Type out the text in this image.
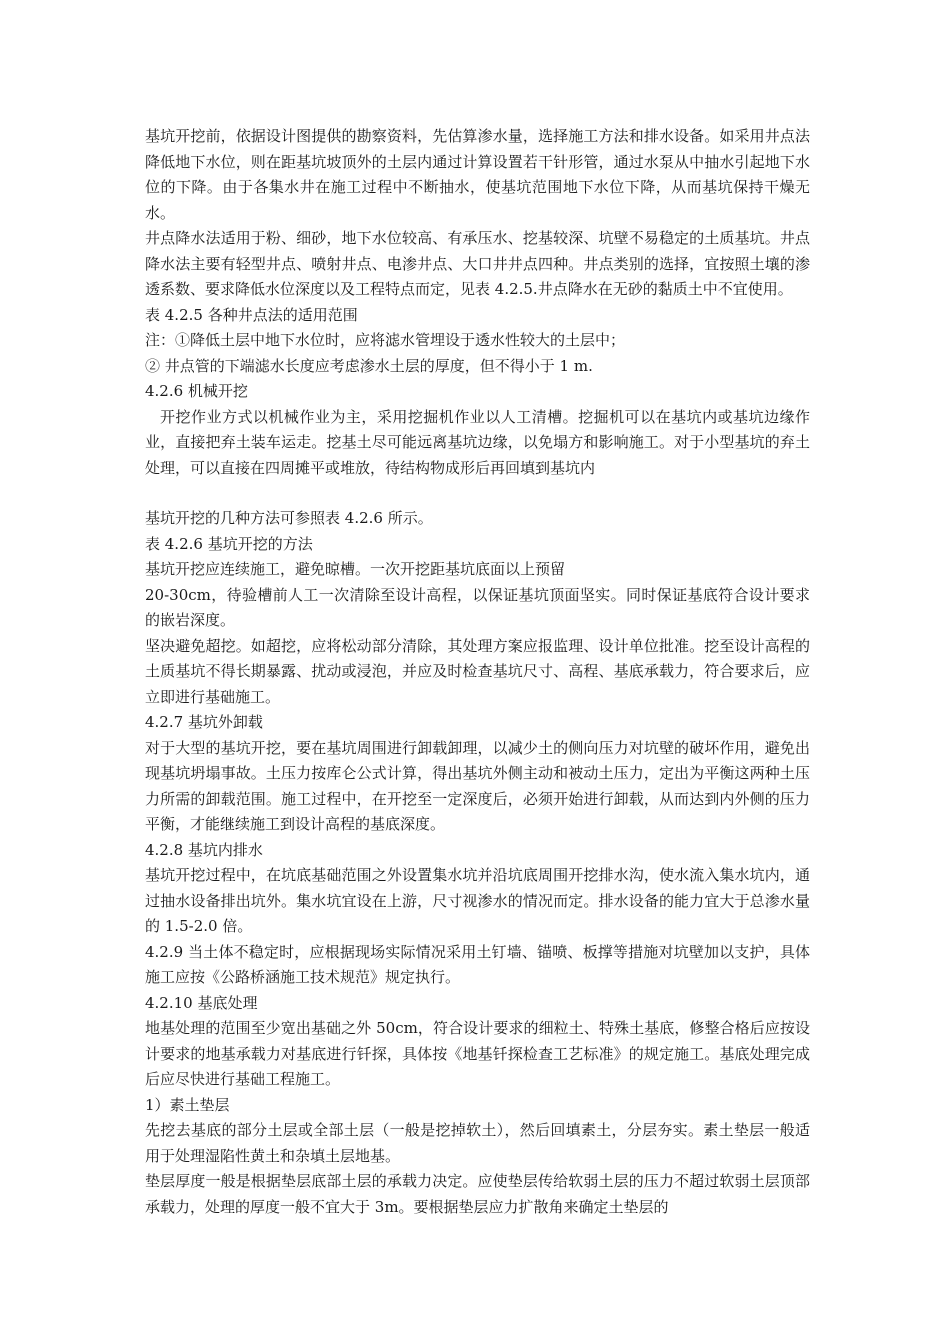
基坑开挖前，依据设计图提供的勘察资料，先估算渗水量，选择施工方法和排水设备。如采用井点法降低地下水位，则在距基坑坡顶外的土层内通过计算设置若干针形管，通过水泵从中抽水引起地下水位的下降。由于各集水井在施工过程中不断抽水，使基坑范围地下水位下降，从而基坑保持干燥无水。

井点降水法适用于粉、细砂，地下水位较高、有承压水、挖基较深、坑壁不易稳定的土质基坑。井点降水法主要有轻型井点、喷射井点、电渗井点、大口井井点四种。井点类别的选择，宜按照土壤的渗透系数、要求降低水位深度以及工程特点而定，见表 4.2.5.井点降水在无砂的黏质土中不宜使用。

表 4.2.5 各种井点法的适用范围

注：①降低土层中地下水位时，应将滤水管埋设于透水性较大的土层中；

② 井点管的下端滤水长度应考虑渗水土层的厚度，但不得小于 1 m.

4.2.6 机械开挖

开挖作业方式以机械作业为主，采用挖掘机作业以人工清槽。挖掘机可以在基坑内或基坑边缘作业，直接把弃土装车运走。挖基土尽可能远离基坑边缘，以免塌方和影响施工。对于小型基坑的弃土处理，可以直接在四周摊平或堆放，待结构物成形后再回填到基坑内

基坑开挖的几种方法可参照表 4.2.6 所示。

表 4.2.6 基坑开挖的方法

基坑开挖应连续施工，避免晾槽。一次开挖距基坑底面以上预留

20-30cm，待验槽前人工一次清除至设计高程，以保证基坑顶面坚实。同时保证基底符合设计要求的嵌岩深度。

坚决避免超挖。如超挖，应将松动部分清除，其处理方案应报监理、设计单位批准。挖至设计高程的土质基坑不得长期暴露、扰动或浸泡，并应及时检查基坑尺寸、高程、基底承载力，符合要求后，应立即进行基础施工。

4.2.7 基坑外卸载

对于大型的基坑开挖，要在基坑周围进行卸载卸理，以减少土的侧向压力对坑壁的破坏作用，避免出现基坑坍塌事故。土压力按库仑公式计算，得出基坑外侧主动和被动土压力，定出为平衡这两种土压力所需的卸载范围。施工过程中，在开挖至一定深度后，必须开始进行卸载，从而达到内外侧的压力平衡，才能继续施工到设计高程的基底深度。

4.2.8 基坑内排水

基坑开挖过程中，在坑底基础范围之外设置集水坑并沿坑底周围开挖排水沟，使水流入集水坑内，通过抽水设备排出坑外。集水坑宜设在上游，尺寸视渗水的情况而定。排水设备的能力宜大于总渗水量的 1.5-2.0 倍。

4.2.9 当土体不稳定时，应根据现场实际情况采用土钉墙、锚喷、板撑等措施对坑壁加以支护，具体施工应按《公路桥涵施工技术规范》规定执行。

4.2.10 基底处理

地基处理的范围至少宽出基础之外 50cm，符合设计要求的细粒土、特殊土基底，修整合格后应按设计要求的地基承载力对基底进行钎探，具体按《地基钎探检查工艺标准》的规定施工。基底处理完成后应尽快进行基础工程施工。

1）素土垫层

先挖去基底的部分土层或全部土层（一般是挖掉软土），然后回填素土，分层夯实。素土垫层一般适用于处理湿陷性黄土和杂填土层地基。

垫层厚度一般是根据垫层底部土层的承载力决定。应使垫层传给软弱土层的压力不超过软弱土层顶部承载力，处理的厚度一般不宜大于 3m。要根据垫层应力扩散角来确定土垫层的
